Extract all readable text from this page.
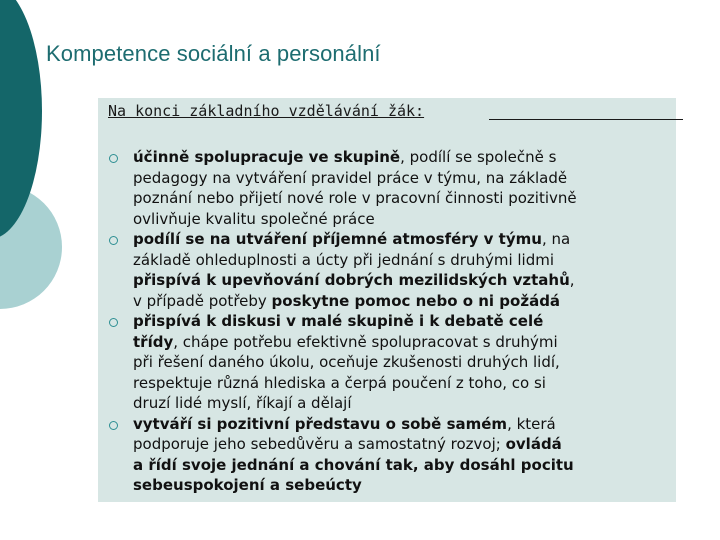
Kompetence sociální a personální
Na konci základního vzdělávání žák:

účinně spolupracuje ve skupině, podílí se společně s
pedagogy na vytváření pravidel práce v týmu, na základě
poznání nebo přijetí nové role v pracovní činnosti pozitivně
ovlivňuje kvalitu společné práce

podílí se na utváření příjemné atmosféry v týmu, na
základě ohleduplnosti a úcty při jednání s druhými lidmi
přispívá k upevňování dobrých mezilidských vztahů,
v případě potřeby poskytne pomoc nebo o ni požádá

přispívá k diskusi v malé skupině i k debatě celé
třídy, chápe potřebu efektivně spolupracovat s druhými
při řešení daného úkolu, oceňuje zkušenosti druhých lidí,
respektuje různá hlediska a čerpá poučení z toho, co si
druzí lidé myslí, říkají a dělají

vytváří si pozitivní představu o sobě samém, která
podporuje jeho sebedůvěru a samostatný rozvoj; ovládá
a řídí svoje jednání a chování tak, aby dosáhl pocitu
sebeuspokojení a sebeúcty
